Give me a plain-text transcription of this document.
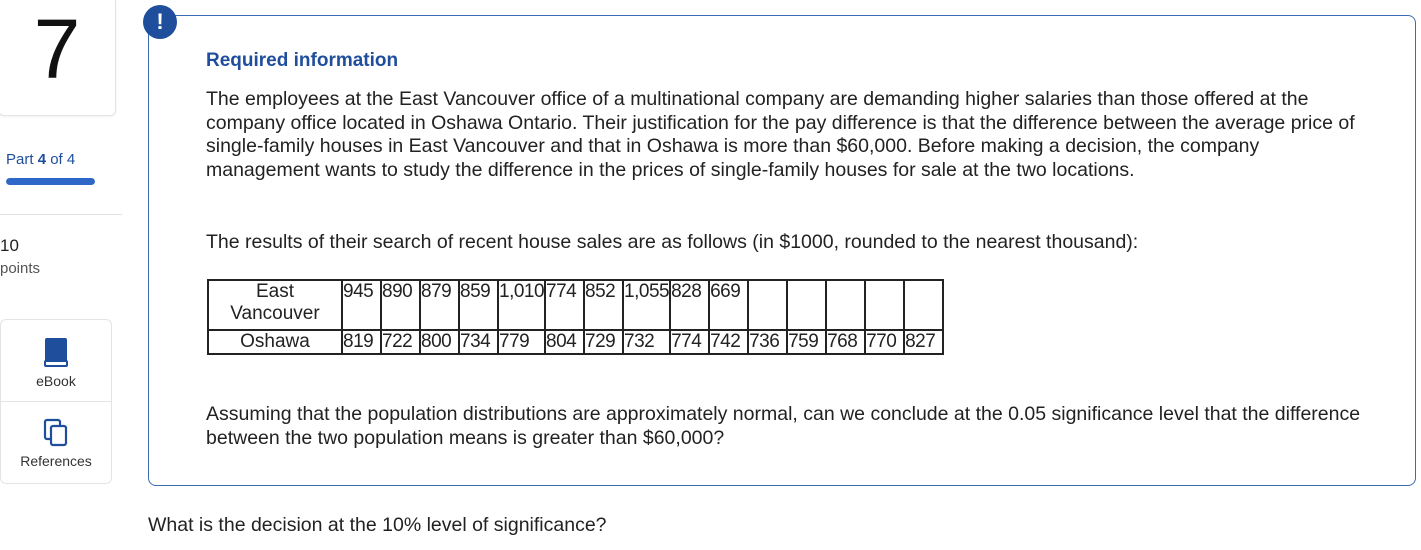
7
Part 4 of 4
10
points
eBook
References
!
Required information
The employees at the East Vancouver office of a multinational company are demanding higher salaries than those offered at the company office located in Oshawa Ontario. Their justification for the pay difference is that the difference between the average price of single-family houses in East Vancouver and that in Oshawa is more than $60,000. Before making a decision, the company management wants to study the difference in the prices of single-family houses for sale at the two locations.
The results of their search of recent house sales are as follows (in $1000, rounded to the nearest thousand):
East Vancouver	945	890	879	859	1,010	774	852	1,055	828	669					
Oshawa	819	722	800	734	779	804	729	732	774	742	736	759	768	770	827
Assuming that the population distributions are approximately normal, can we conclude at the 0.05 significance level that the difference between the two population means is greater than $60,000?
What is the decision at the 10% level of significance?
